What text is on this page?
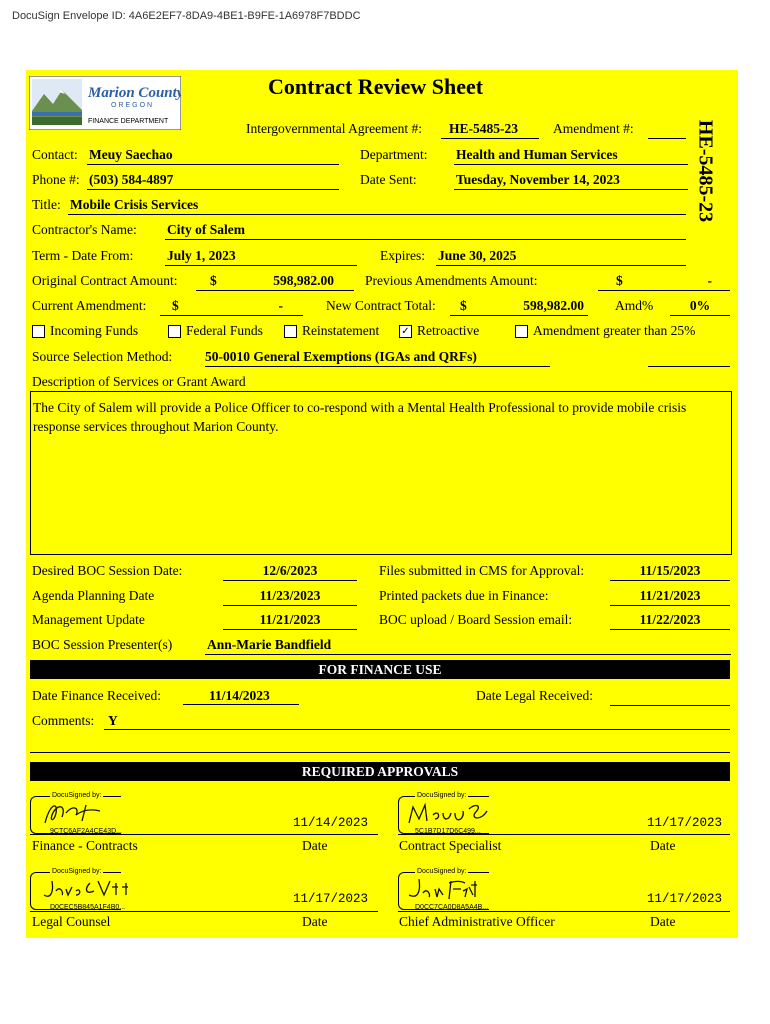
DocuSign Envelope ID: 4A6E2EF7-8DA9-4BE1-B9FE-1A6978F7BDDC
Marion County
OREGON
FINANCE DEPARTMENT
Contract Review Sheet
HE-5485-23
Intergovernmental Agreement #:	HE-5485-23	Amendment #:
Contact: Meuy Saechao	Department: Health and Human Services
Phone #: (503) 584-4897	Date Sent:	Tuesday, November 14, 2023
Title: Mobile Crisis Services
Contractor's Name: City of Salem
Term - Date From: July 1, 2023	Expires: June 30, 2025
Original Contract Amount: $	598,982.00 Previous Amendments Amount:	$	-
Current Amendment: $	-	New Contract Total: $	598,982.00 Amd%	0%
Incoming Funds	Federal Funds	Reinstatement ✓ Retroactive	Amendment greater than 25%
Source Selection Method: 50-0010 General Exemptions (IGAs and QRFs)
Description of Services or Grant Award
The City of Salem will provide a Police Officer to co-respond with a Mental Health Professional to provide mobile crisis response services throughout Marion County.
Desired BOC Session Date:	12/6/2023	Files submitted in CMS for Approval:	11/15/2023
Agenda Planning Date	11/23/2023	Printed packets due in Finance:	11/21/2023
Management Update	11/21/2023	BOC upload / Board Session email:	11/22/2023
BOC Session Presenter(s)	Ann-Marie Bandfield
FOR FINANCE USE
Date Finance Received:	11/14/2023	Date Legal Received:
Comments: Y
REQUIRED APPROVALS
DocuSigned by:
9CTC6AF2A4CE43D...
11/14/2023
Finance - Contracts	Date
DocuSigned by:
5C1B7D17D6C499...
11/17/2023
Contract Specialist	Date
DocuSigned by:
D0CEC5B845A1F4B0...
11/17/2023
Legal Counsel	Date
DocuSigned by:
D0CC7CA0D8A5A4B...
11/17/2023
Chief Administrative Officer	Date
